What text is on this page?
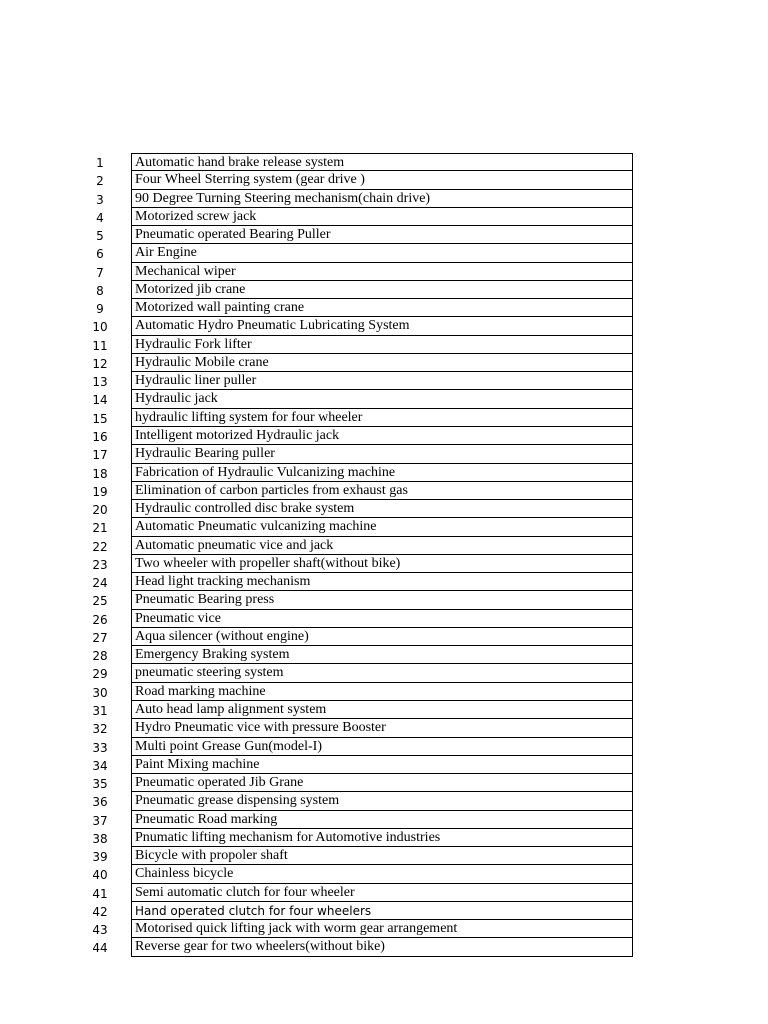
1	Automatic hand brake release system
2	Four Wheel Sterring system (gear drive )
3	90 Degree Turning Steering mechanism(chain drive)
4	Motorized screw jack
5	Pneumatic operated Bearing Puller
6	Air Engine
7	Mechanical wiper
8	Motorized jib crane
9	Motorized wall painting crane
10	Automatic Hydro Pneumatic Lubricating System
11	Hydraulic Fork lifter
12	Hydraulic Mobile crane
13	Hydraulic liner puller
14	Hydraulic jack
15	hydraulic lifting system for four wheeler
16	Intelligent motorized Hydraulic jack
17	Hydraulic Bearing puller
18	Fabrication of Hydraulic Vulcanizing machine
19	Elimination of carbon particles from exhaust gas
20	Hydraulic controlled disc brake system
21	Automatic Pneumatic vulcanizing machine
22	Automatic pneumatic vice and jack
23	Two wheeler with propeller shaft(without bike)
24	Head light tracking mechanism
25	Pneumatic Bearing press
26	Pneumatic vice
27	Aqua silencer (without engine)
28	Emergency Braking system
29	pneumatic steering system
30	Road marking machine
31	Auto head lamp alignment system
32	Hydro Pneumatic vice with pressure Booster
33	Multi point Grease Gun(model-I)
34	Paint Mixing machine
35	Pneumatic operated Jib Grane
36	Pneumatic grease dispensing system
37	Pneumatic Road marking
38	Pnumatic lifting mechanism for Automotive industries
39	Bicycle with propoler shaft
40	Chainless bicycle
41	Semi automatic clutch for four wheeler
42	Hand operated clutch for four wheelers
43	Motorised quick lifting jack with worm gear arrangement
44	Reverse gear for two wheelers(without bike)
